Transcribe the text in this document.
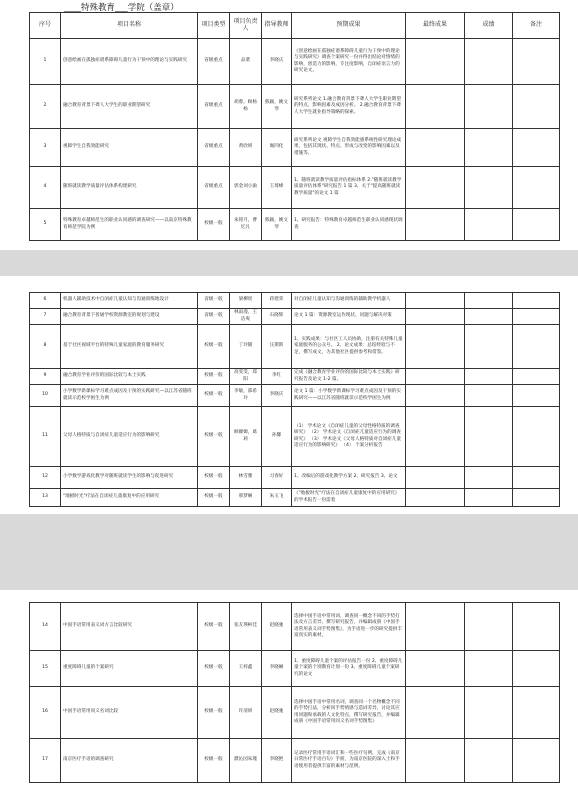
____特殊教育___学院（盖章）
序号	项目名称	项目类型	项目负责人	指导教师	预期成果	最终成果	成绩	备注
1	创意绘画在孤独症谱系障碍儿童行为干预中的理论与实践研究	省级重点	品菜	李晓庆	《创意绘画在孤独症谱系障碍儿童行为干预中的理论与实践研究》调查个案研究一份并得出结论对情绪的影响，创造力的影响，专注度影响，自闭症语言力的研究论文。			
2	融合教育背景下聋人大学生的职业期望研究	省级重点	胡蓉，顾杨杨	熊颖，姚文琴	研究系列论文 1.融合教育背景下聋人大学生职业期望的特点，影响因素及成因分析。 2.融合教育背景下聋人大学生就业指导策略的探索。			
3	视障学生自我效能研究	省级重点	黄欣妍	堀四化	研究系列论文 视障学生自我效能感系统性研究理论成果，包括其现状、特点、形成与改变的影响因素以及措施等。			
4	随班就读教学质量评估体系构建研究	省级重点	郭金刘小渝	王琦峰	1、随班就读教学质量评估指标体系 2."随班就读教学质量评估体系"研究报告 1 篇 3、关于"提高随班就读教学质量"的论文 1 篇			
5	特殊教育卓越师范生的职业认同感的调查研究——以南京特殊教育师范学院为例	校级一般	朱铭月，曹忆凡	熊颖，姚文琴	1、研究报告：特殊教育卓越师范生职业认同感现状调查			
6	机器人辅助技术中自闭症儿童认知与沟通训练地设计	省级一般	梁柳瑶	蒋建荣	对自闭症儿童认知与沟通训练的辅助教学机器人			
7	融合教育背景下普通学校资源教室的规划与建设	省级一般	林雨漫，王洁爽	石晓辉	论文 1 篇：资源教室运作现状、问题与解决对策			
8	基于社区视域平台的特殊儿童家庭的教育服务研究	校级一般	丁玲铺	汪斯斯	1、实践成果：与社区工人员协助，注册有关特殊儿童家庭服务的公众号。 2、论文成果：总结经验与不足，撰写成文，为其他社区提供参考和借鉴。			
9	融合教育学业评价的国际比较与本土实践	校级一般	高雯雯，郑阳	李红	完成《融合教育学业评价的国际比较与本土实践》研究报告及论文 1-2 篇。			
10	小学数学新课标学习难点成因及干预的实践研究—以江苏省随班就读示范校学困生为例	校级一般	李敏，邵希玲	李晓庆	论文 1 篇：小学数学新课标学习难点成因及干预的实践研究——以江苏省随班就读示范校学困生为例			
11	父母人格特质与自闭症儿童适应行为的影响研究	校级一般	顾嫄嫄，葛莉	孙馨	（1） 学术论文《自闭症儿童的父母性格特质的调查研究》 （2） 学术论文《自闭症儿童适应行为的调查研究》 （3） 学术论文《父母人格特质对自闭症儿童适应行为的影响研究》 （4） 个案分析报告			
12	小学数学游戏化教学对随班就读学生的影响与促进研究	校级一般	林雪雅	习春好	1、改编后的游戏化教学方案 2、研究报告 3、论文			
13	"地板时光"疗法在自闭症儿童康复中的应用研究	校级一般	邢梦娴	朱玉飞	《"地板时光"疗法在自闭症儿童康复中的应用研究》的学术报告一份需着			
14	中国手语常用表义词方言比较研究	校级一般	张友瑛柯佳	赵晓驰	选择中国手语中常用词，调查同一概念不同的手势打法及方言差异，撰写研究报告，并编辑成册《中国手语常用表义词手势图集》，为手语进一步的研究提供丰富真实的素材。			
15	重度障碍儿童的个案研究	校级一般	王梓鑫	李晓娴	1、重度障碍儿童个案的评估报告一份 2、重度障碍儿童个案的个别教育计划一份 3、重度障碍儿童个案研究的论文			
16	中国手语常用同义名词比较	校级一般	许清妍	赵晓驰	选择中国手语中常用名词，调查同一个名物概念不同的手势打法，分析同手势情感与造词差异，讨论其应用同题和承载的人文化特点，撰写研究报告，并编辑成册《中国手语常用同义名词手势图集》			
17	南京医疗手语的调查研究	校级一般	濮沁园朱瑾	李晓艳	记录医疗常用手语词汇和一些医疗句例，完成《南京日常医疗手语百句》手册，为南京医院的深入士和手语使用者提供丰富的素材与范例。			
